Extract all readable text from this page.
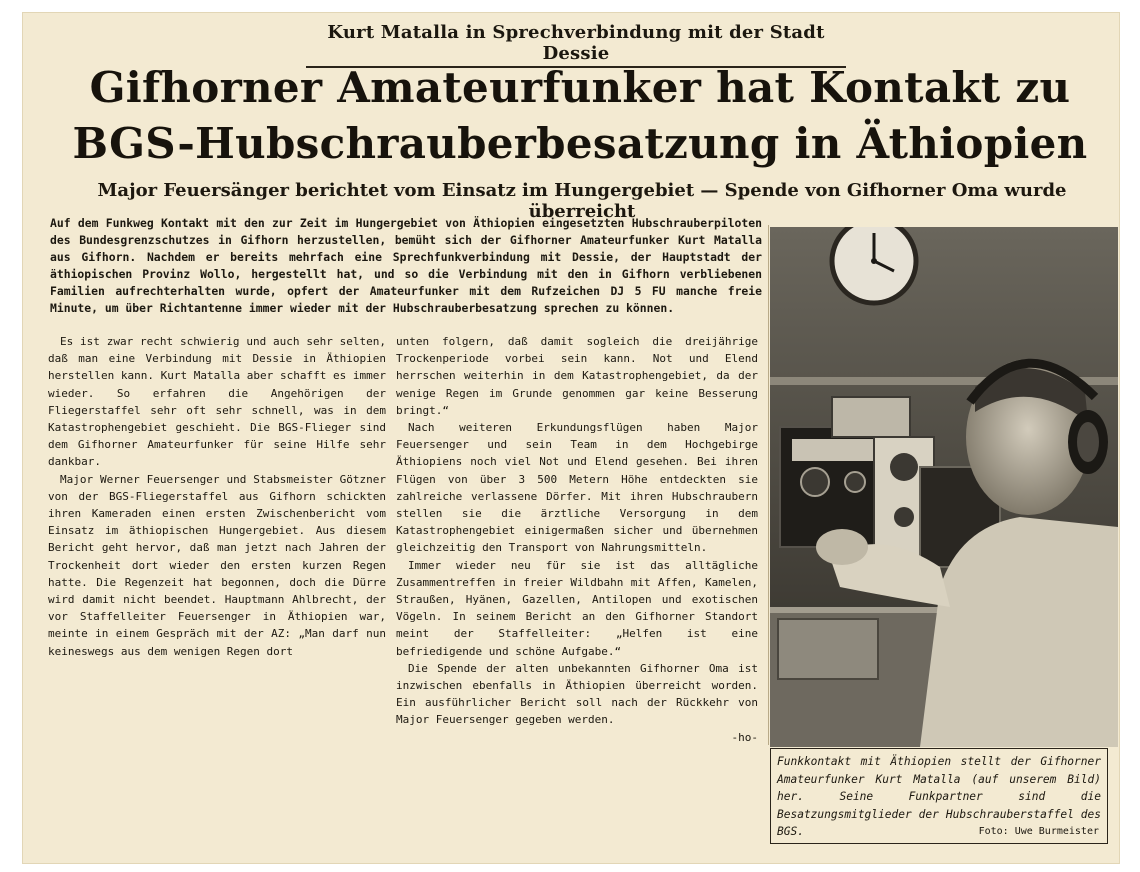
Kurt Matalla in Sprechverbindung mit der Stadt Dessie
Gifhorner Amateurfunker hat Kontakt zu
BGS-Hubschrauberbesatzung in Äthiopien
Major Feuersänger berichtet vom Einsatz im Hungergebiet — Spende von Gifhorner Oma wurde überreicht

Auf dem Funkweg Kontakt mit den zur Zeit im Hungergebiet von Äthiopien eingesetzten Hubschrauberpiloten des Bundesgrenzschutzes in Gifhorn herzustellen, bemüht sich der Gifhorner Amateurfunker Kurt Matalla aus Gifhorn. Nachdem er bereits mehrfach eine Sprechfunkverbindung mit Dessie, der Hauptstadt der äthiopischen Provinz Wollo, hergestellt hat, und so die Verbindung mit den in Gifhorn verbliebenen Familien aufrechterhalten wurde, opfert der Amateurfunker mit dem Rufzeichen DJ 5 FU manche freie Minute, um über Richtantenne immer wieder mit der Hubschrauberbesatzung sprechen zu können.

Es ist zwar recht schwierig und auch sehr selten, daß man eine Verbindung mit Dessie in Äthiopien herstellen kann. Kurt Matalla aber schafft es immer wieder. So erfahren die Angehörigen der Fliegerstaffel sehr oft sehr schnell, was in dem Katastrophengebiet geschieht. Die BGS-Flieger sind dem Gifhorner Amateurfunker für seine Hilfe sehr dankbar.

Major Werner Feuersenger und Stabsmeister Götzner von der BGS-Fliegerstaffel aus Gifhorn schickten ihren Kameraden einen ersten Zwischenbericht vom Einsatz im äthiopischen Hungergebiet. Aus diesem Bericht geht hervor, daß man jetzt nach Jahren der Trockenheit dort wieder den ersten kurzen Regen hatte. Die Regenzeit hat begonnen, doch die Dürre wird damit nicht beendet. Hauptmann Ahlbrecht, der vor Staffelleiter Feuersenger in Äthiopien war, meinte in einem Gespräch mit der AZ: „Man darf nun keineswegs aus dem wenigen Regen dort

unten folgern, daß damit sogleich die dreijährige Trockenperiode vorbei sein kann. Not und Elend herrschen weiterhin in dem Katastrophengebiet, da der wenige Regen im Grunde genommen gar keine Besserung bringt.“

Nach weiteren Erkundungsflügen haben Major Feuersenger und sein Team in dem Hochgebirge Äthiopiens noch viel Not und Elend gesehen. Bei ihren Flügen von über 3 500 Metern Höhe entdeckten sie zahlreiche verlassene Dörfer. Mit ihren Hubschraubern stellen sie die ärztliche Versorgung in dem Katastrophengebiet einigermaßen sicher und übernehmen gleichzeitig den Transport von Nahrungsmitteln.

Immer wieder neu für sie ist das alltägliche Zusammentreffen in freier Wildbahn mit Affen, Kamelen, Straußen, Hyänen, Gazellen, Antilopen und exotischen Vögeln. In seinem Bericht an den Gifhorner Standort meint der Staffelleiter: „Helfen ist eine befriedigende und schöne Aufgabe.“

Die Spende der alten unbekannten Gifhorner Oma ist inzwischen ebenfalls in Äthiopien überreicht worden. Ein ausführlicher Bericht soll nach der Rückkehr von Major Feuersenger gegeben werden.

-ho-
Funkkontakt mit Äthiopien stellt der Gifhorner Amateurfunker Kurt Matalla (auf unserem Bild) her. Seine Funkpartner sind die Besatzungsmitglieder der Hubschrauberstaffel des BGS.	Foto: Uwe Burmeister
